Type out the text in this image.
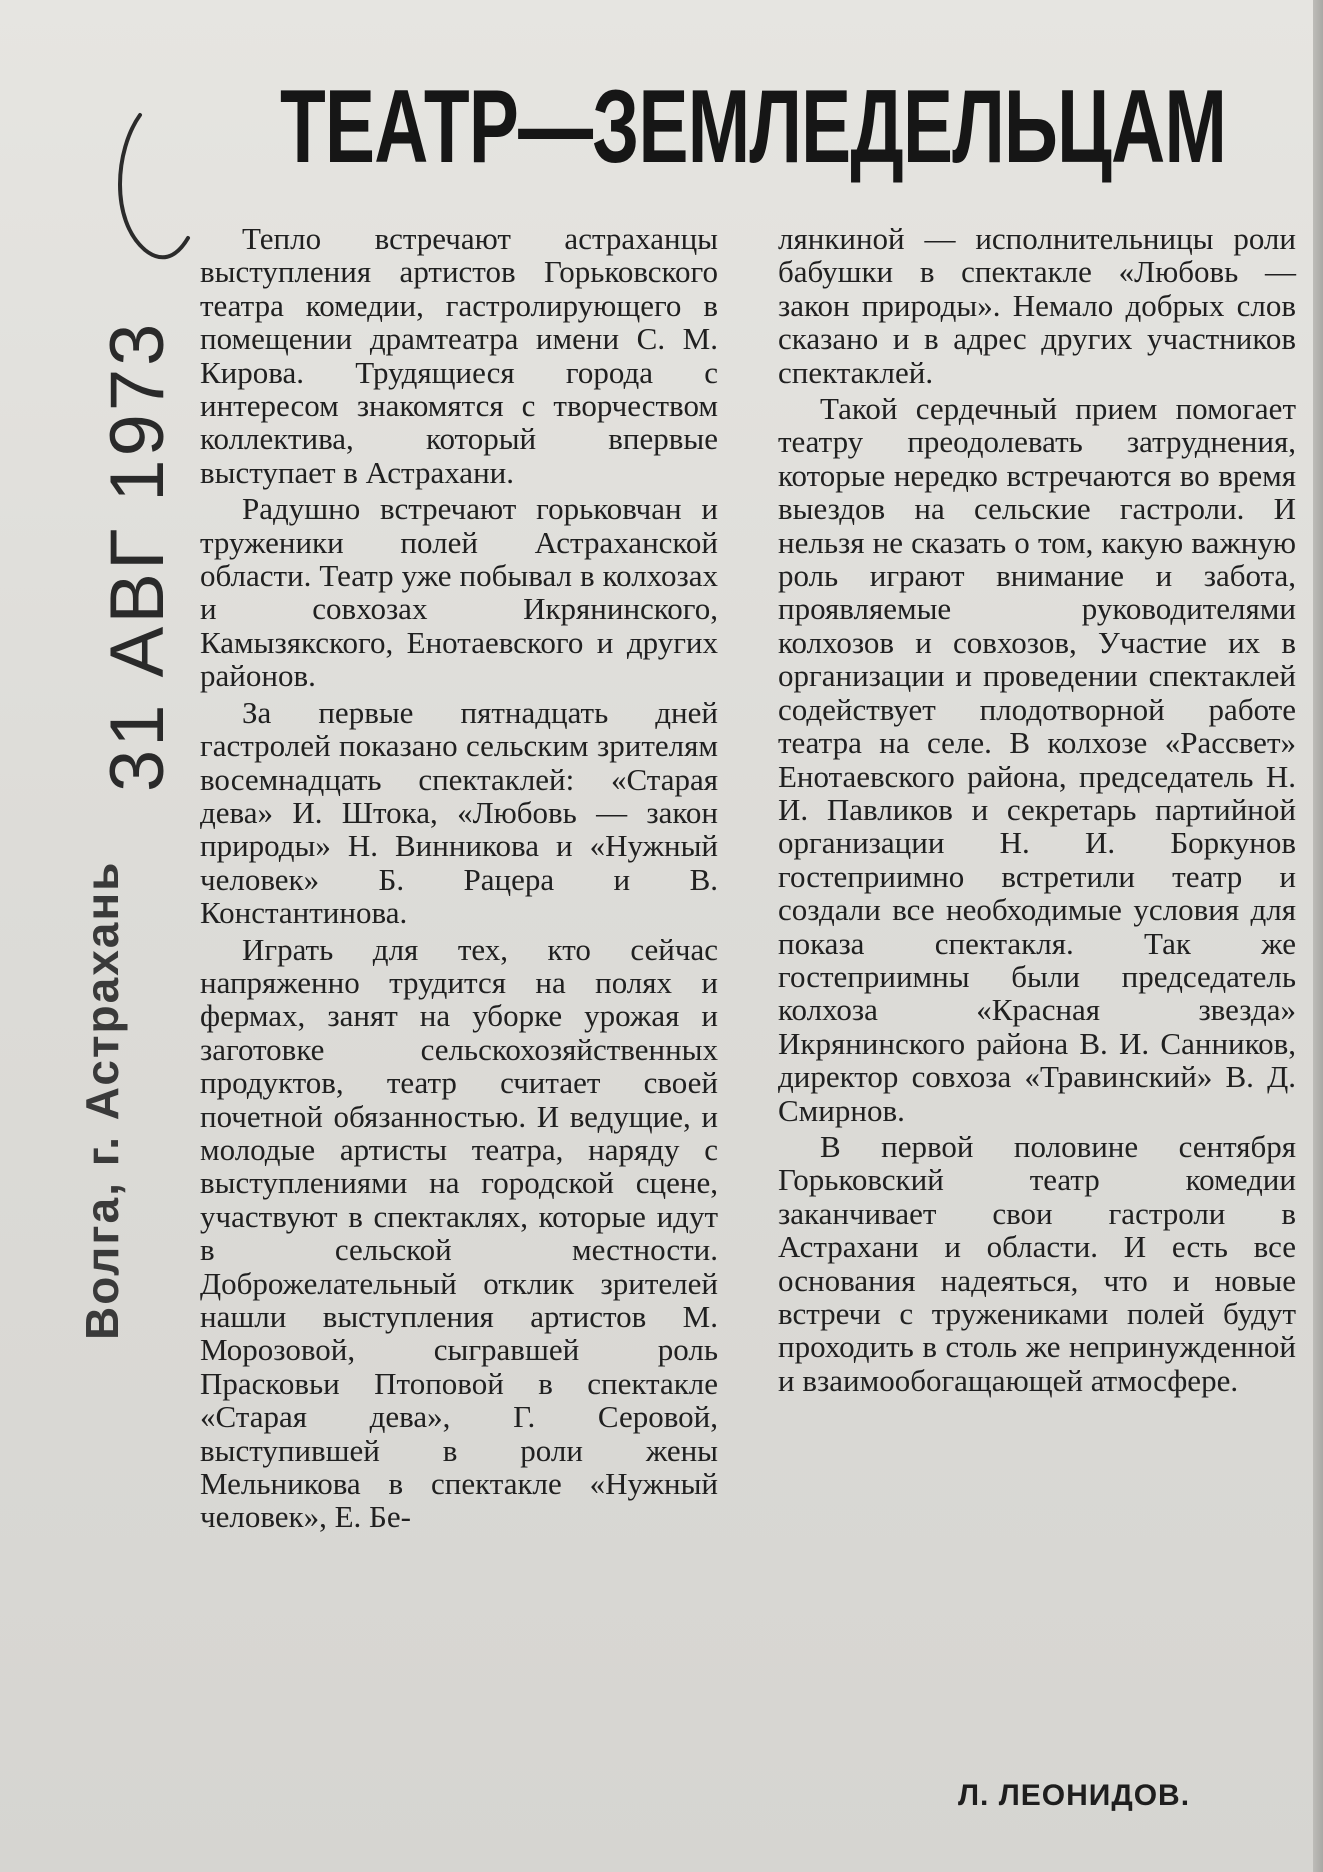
31 АВГ 1973
Волга, г. Астрахань
ТЕАТР—ЗЕМЛЕДЕЛЬЦАМ

Тепло встречают астраханцы выступления артистов Горьковского театра комедии, гастролирующего в помещении драмтеатра имени С. М. Кирова. Трудящиеся города с интересом знакомятся с творчеством коллектива, который впервые выступает в Астрахани.

Радушно встречают горьковчан и труженики полей Астраханской области. Театр уже побывал в колхозах и совхозах Икрянинского, Камызякского, Енотаевского и других районов.

За первые пятнадцать дней гастролей показано сельским зрителям восемнадцать спектаклей: «Старая дева» И. Штока, «Любовь — закон природы» Н. Винникова и «Нужный человек» Б. Рацера и В. Константинова.

Играть для тех, кто сейчас напряженно трудится на полях и фермах, занят на уборке урожая и заготовке сельскохозяйственных продуктов, театр считает своей почетной обязанностью. И ведущие, и молодые артисты театра, наряду с выступлениями на городской сцене, участвуют в спектаклях, которые идут в сельской местности. Доброжелательный отклик зрителей нашли выступления артистов М. Морозовой, сыгравшей роль Прасковьи Птоповой в спектакле «Старая дева», Г. Серовой, выступившей в роли жены Мельникова в спектакле «Нужный человек», Е. Бе-

лянкиной — исполнительницы роли бабушки в спектакле «Любовь — закон природы». Немало добрых слов сказано и в адрес других участников спектаклей.

Такой сердечный прием помогает театру преодолевать затруднения, которые нередко встречаются во время выездов на сельские гастроли. И нельзя не сказать о том, какую важную роль играют внимание и забота, проявляемые руководителями колхозов и совхозов, Участие их в организации и проведении спектаклей содействует плодотворной работе театра на селе. В колхозе «Рассвет» Енотаевского района, председатель Н. И. Павликов и секретарь партийной организации Н. И. Боркунов гостеприимно встретили театр и создали все необходимые условия для показа спектакля. Так же гостеприимны были председатель колхоза «Красная звезда» Икрянинского района В. И. Санников, директор совхоза «Травинский» В. Д. Смирнов.

В первой половине сентября Горьковский театр комедии заканчивает свои гастроли в Астрахани и области. И есть все основания надеяться, что и новые встречи с тружениками полей будут проходить в столь же непринужденной и взаимообогащающей атмосфере.

Л. ЛЕОНИДОВ.
